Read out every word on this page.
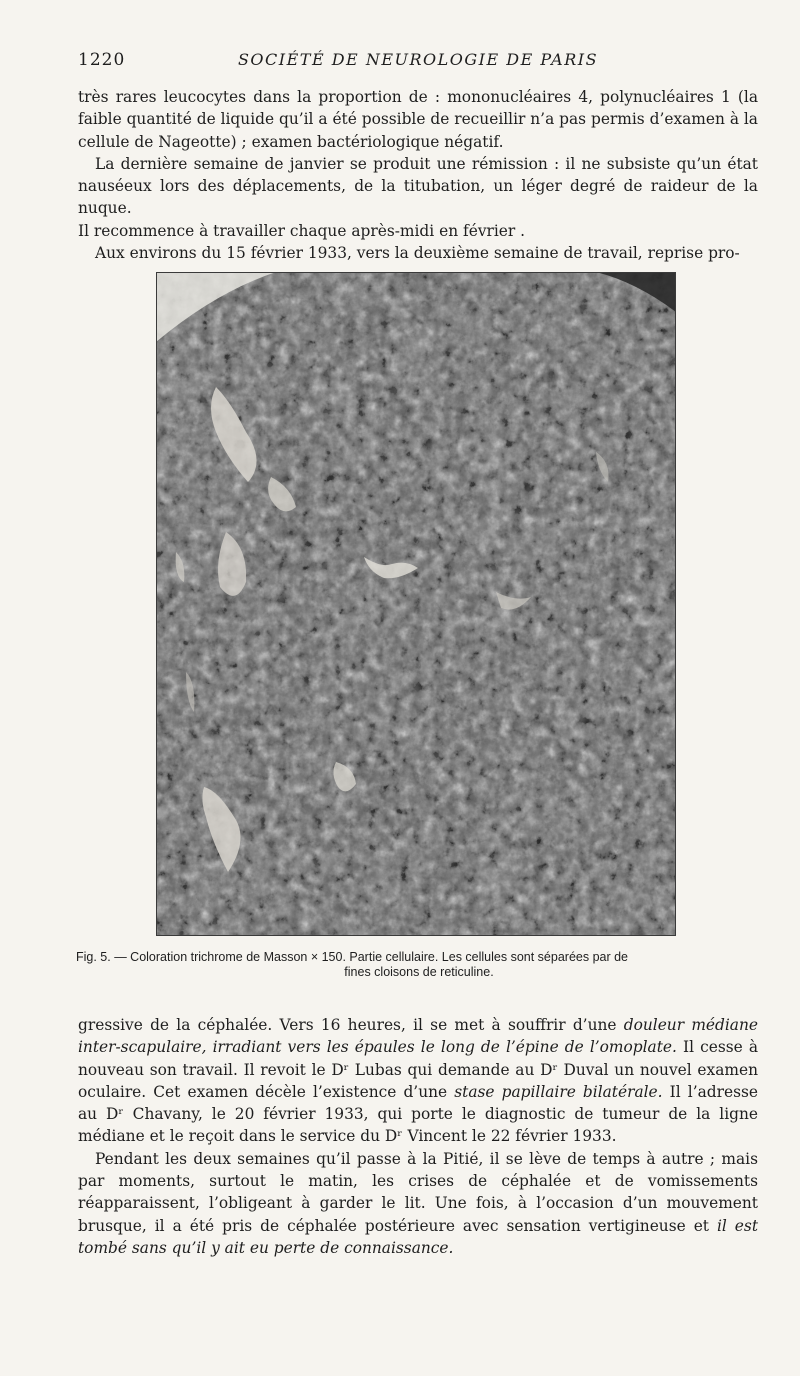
1220	SOCIÉTÉ DE NEUROLOGIE DE PARIS

très rares leucocytes dans la proportion de : mononucléaires 4, polynucléaires 1 (la faible quantité de liquide qu’il a été possible de recueillir n’a pas permis d’examen à la cellule de Nageotte) ; examen bactériologique négatif.

La dernière semaine de janvier se produit une rémission : il ne subsiste qu’un état nauséeux lors des déplacements, de la titubation, un léger degré de raideur de la nuque.

Il recommence à travailler chaque après-midi en février .

Aux environs du 15 février 1933, vers la deuxième semaine de travail, reprise pro-

Fig. 5. — Coloration trichrome de Masson × 150. Partie cellulaire. Les cellules sont séparées par de
fines cloisons de reticuline.

gressive de la céphalée. Vers 16 heures, il se met à souffrir d’une douleur médiane inter-scapulaire, irradiant vers les épaules le long de l’épine de l’omoplate. Il cesse à nouveau son travail. Il revoit le Dʳ Lubas qui demande au Dʳ Duval un nouvel examen oculaire. Cet examen décèle l’existence d’une stase papillaire bilatérale. Il l’adresse au Dʳ Chavany, le 20 février 1933, qui porte le diagnostic de tumeur de la ligne médiane et le reçoit dans le service du Dʳ Vincent le 22 février 1933.

Pendant les deux semaines qu’il passe à la Pitié, il se lève de temps à autre ; mais par moments, surtout le matin, les crises de céphalée et de vomissements réapparaissent, l’obligeant à garder le lit. Une fois, à l’occasion d’un mouvement brusque, il a été pris de céphalée postérieure avec sensation vertigineuse et il est tombé sans qu’il y ait eu perte de connaissance.
